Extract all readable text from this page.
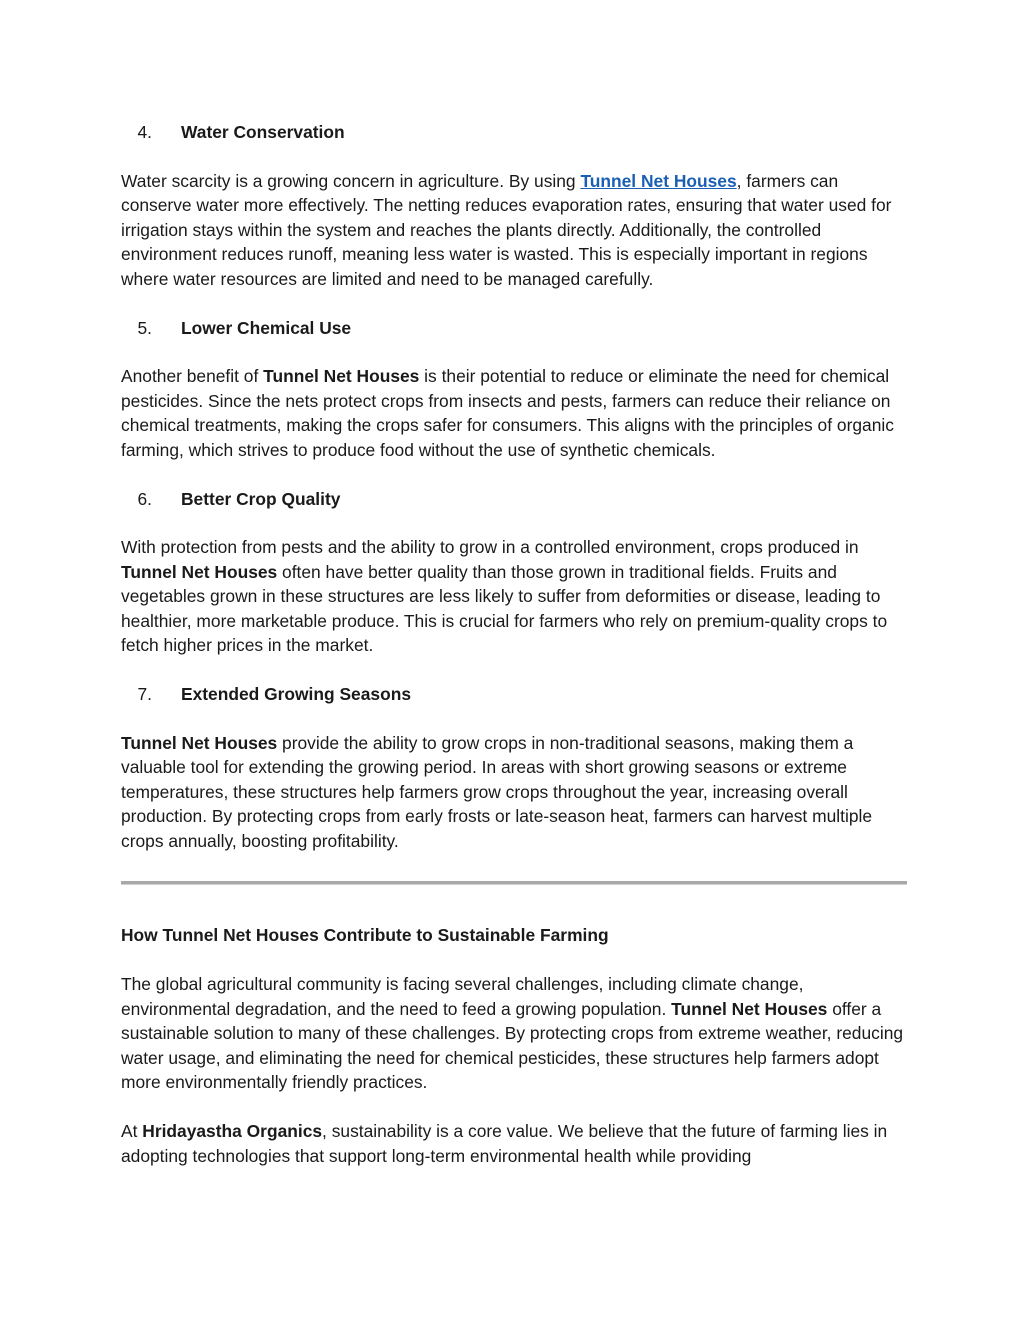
4. Water Conservation

Water scarcity is a growing concern in agriculture. By using Tunnel Net Houses, farmers can conserve water more effectively. The netting reduces evaporation rates, ensuring that water used for irrigation stays within the system and reaches the plants directly. Additionally, the controlled environment reduces runoff, meaning less water is wasted. This is especially important in regions where water resources are limited and need to be managed carefully.

5. Lower Chemical Use

Another benefit of Tunnel Net Houses is their potential to reduce or eliminate the need for chemical pesticides. Since the nets protect crops from insects and pests, farmers can reduce their reliance on chemical treatments, making the crops safer for consumers. This aligns with the principles of organic farming, which strives to produce food without the use of synthetic chemicals.

6. Better Crop Quality

With protection from pests and the ability to grow in a controlled environment, crops produced in Tunnel Net Houses often have better quality than those grown in traditional fields. Fruits and vegetables grown in these structures are less likely to suffer from deformities or disease, leading to healthier, more marketable produce. This is crucial for farmers who rely on premium-quality crops to fetch higher prices in the market.

7. Extended Growing Seasons

Tunnel Net Houses provide the ability to grow crops in non-traditional seasons, making them a valuable tool for extending the growing period. In areas with short growing seasons or extreme temperatures, these structures help farmers grow crops throughout the year, increasing overall production. By protecting crops from early frosts or late-season heat, farmers can harvest multiple crops annually, boosting profitability.

How Tunnel Net Houses Contribute to Sustainable Farming

The global agricultural community is facing several challenges, including climate change, environmental degradation, and the need to feed a growing population. Tunnel Net Houses offer a sustainable solution to many of these challenges. By protecting crops from extreme weather, reducing water usage, and eliminating the need for chemical pesticides, these structures help farmers adopt more environmentally friendly practices.

At Hridayastha Organics, sustainability is a core value. We believe that the future of farming lies in adopting technologies that support long-term environmental health while providing
